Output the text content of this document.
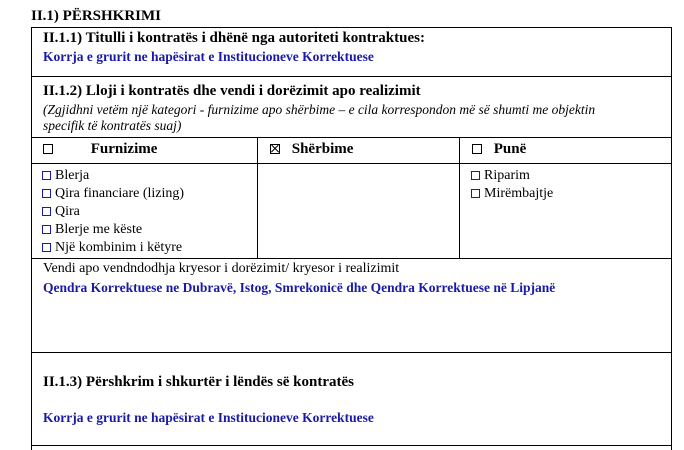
II.1) PËRSHKRIMI
II.1.1) Titulli i kontratës i dhënë nga autoriteti kontraktues:
Korrja e grurit ne hapësirat e Institucioneve Korrektuese
II.1.2) Lloji i kontratës dhe vendi i dorëzimit apo realizimit
(Zgjidhni vetëm një kategori - furnizime apo shërbime – e cila korrespondon më së shumti me objektin
specifik të kontratës suaj)
Furnizime	Shërbime	Punë
Blerja
Qira financiare (lizing)
Qira
Blerje me këste
Një kombinim i këtyre
Riparim
Mirëmbajtje
Vendi apo vendndodhja kryesor i dorëzimit/ kryesor i realizimit
Qendra Korrektuese ne Dubravë, Istog, Smrekonicë dhe Qendra Korrektuese në Lipjanë
II.1.3) Përshkrim i shkurtër i lëndës së kontratës
Korrja e grurit ne hapësirat e Institucioneve Korrektuese
